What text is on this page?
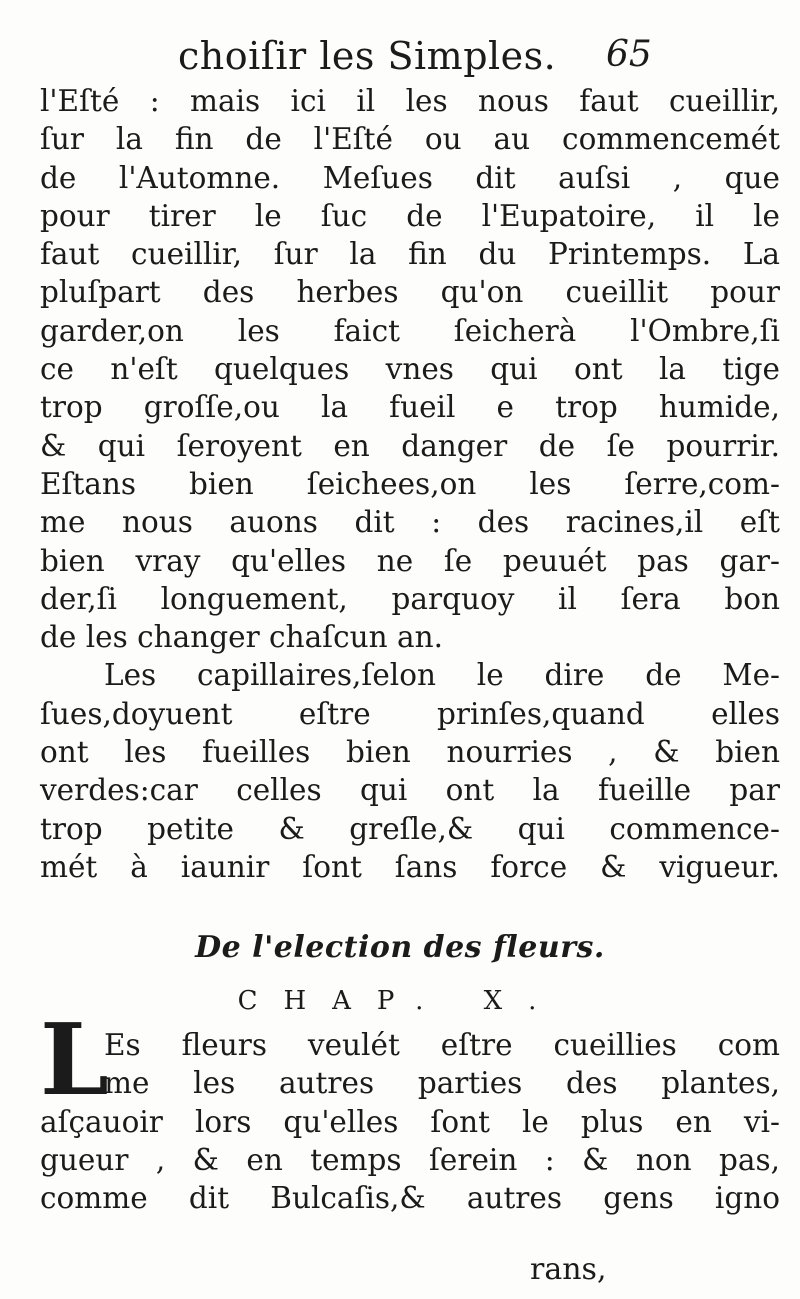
choiſir les Simples. 65
l'Eſté : mais ici il les nous faut cueillir,
ſur la fin de l'Eſté ou au commencemét
de l'Automne. Meſues dit auſsi , que
pour tirer le ſuc de l'Eupatoire, il le
faut cueillir, ſur la fin du Printemps. La
pluſpart des herbes qu'on cueillit pour
garder,on les faict ſeicherà l'Ombre,ſi
ce n'eſt quelques vnes qui ont la tige
trop groſſe,ou la fueil e trop humide,
& qui ſeroyent en danger de ſe pourrir.
Eſtans bien ſeichees,on les ſerre,com-
me nous auons dit : des racines,il eſt
bien vray qu'elles ne ſe peuuét pas gar-
der,ſi longuement, parquoy il ſera bon
de les changer chaſcun an.
Les capillaires,ſelon le dire de Me-
ſues,doyuent eſtre prinſes,quand elles
ont les fueilles bien nourries , & bien
verdes:car celles qui ont la fueille par
trop petite & greſle,& qui commence-
mét à iaunir ſont ſans force & vigueur.
De l'election des fleurs.
CHAP. X.
L
Es fleurs veulét eſtre cueillies com
me les autres parties des plantes,
aſçauoir lors qu'elles ſont le plus en vi-
gueur , & en temps ſerein : & non pas,
comme dit Bulcaſis,& autres gens igno
rans,
